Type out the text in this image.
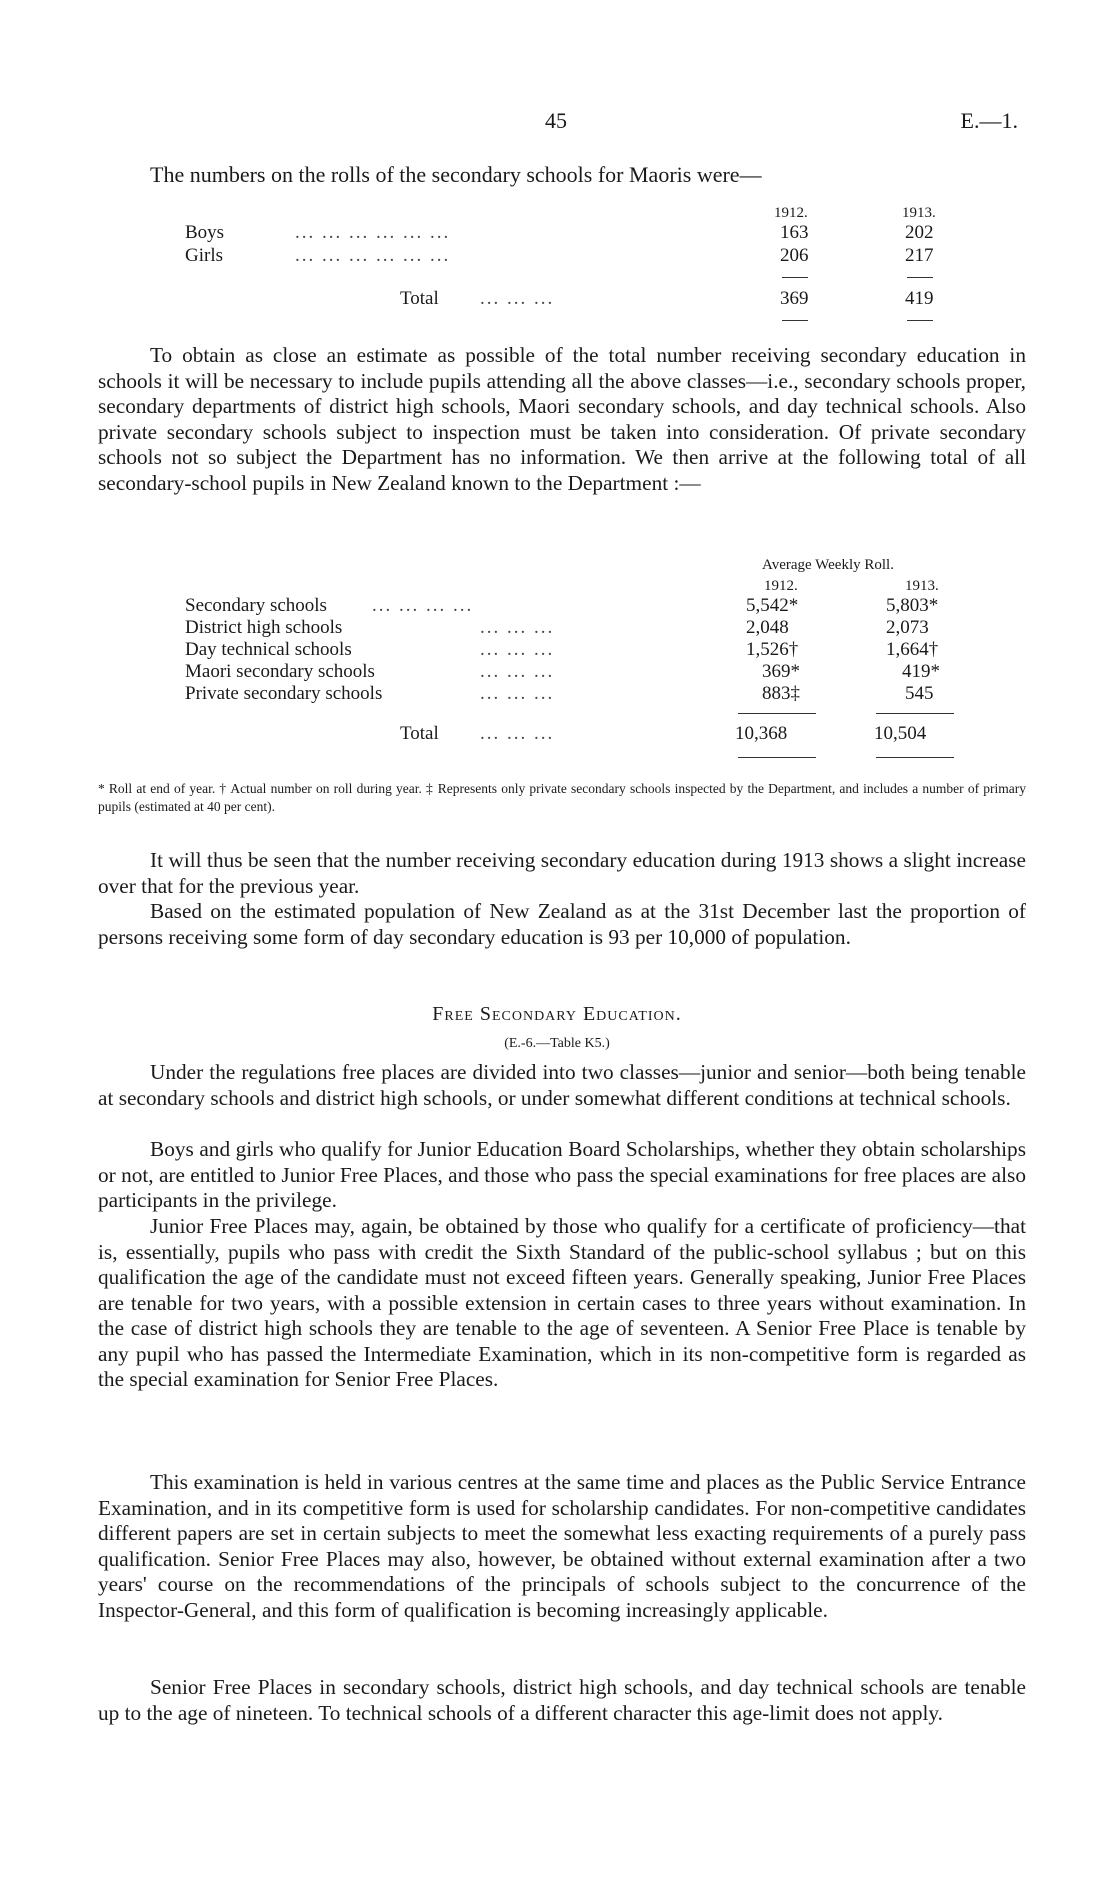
45	E.—1.
The numbers on the rolls of the secondary schools for Maoris were—
1912.	1913.
Boys	... ... ... ... ... ...	163	202
Girls	... ... ... ... ... ...	206	217
Total ... ... ...	369	419

To obtain as close an estimate as possible of the total number receiving secondary education in schools it will be necessary to include pupils attending all the above classes—i.e., secondary schools proper, secondary departments of district high schools, Maori secondary schools, and day technical schools. Also private secondary schools subject to inspection must be taken into consideration. Of private secondary schools not so subject the Department has no information. We then arrive at the following total of all secondary-school pupils in New Zealand known to the Department :—

Average Weekly Roll.
1912.	1913.
Secondary schools ... ... ... ...	5,542*	5,803*
District high schools	... ... ...	2,048	2,073
Day technical schools	... ... ...	1,526†	1,664†
Maori secondary schools	... ... ...	369*	419*
Private secondary schools	... ... ...	883‡	545
Total ... ... ...	10,368	10,504

* Roll at end of year. † Actual number on roll during year. ‡ Represents only private secondary schools inspected by the Department, and includes a number of primary pupils (estimated at 40 per cent).

It will thus be seen that the number receiving secondary education during 1913 shows a slight increase over that for the previous year.

Based on the estimated population of New Zealand as at the 31st December last the proportion of persons receiving some form of day secondary education is 93 per 10,000 of population.

Free Secondary Education.
(E.-6.—Table K5.)

Under the regulations free places are divided into two classes—junior and senior—both being tenable at secondary schools and district high schools, or under somewhat different conditions at technical schools.

Boys and girls who qualify for Junior Education Board Scholarships, whether they obtain scholarships or not, are entitled to Junior Free Places, and those who pass the special examinations for free places are also participants in the privilege.

Junior Free Places may, again, be obtained by those who qualify for a certificate of proficiency—that is, essentially, pupils who pass with credit the Sixth Standard of the public-school syllabus ; but on this qualification the age of the candidate must not exceed fifteen years. Generally speaking, Junior Free Places are tenable for two years, with a possible extension in certain cases to three years without examination. In the case of district high schools they are tenable to the age of seventeen. A Senior Free Place is tenable by any pupil who has passed the Intermediate Examination, which in its non-competitive form is regarded as the special examination for Senior Free Places.

This examination is held in various centres at the same time and places as the Public Service Entrance Examination, and in its competitive form is used for scholarship candidates. For non-competitive candidates different papers are set in certain subjects to meet the somewhat less exacting requirements of a purely pass qualification. Senior Free Places may also, however, be obtained without external examination after a two years' course on the recommendations of the principals of schools subject to the concurrence of the Inspector-General, and this form of qualification is becoming increasingly applicable.

Senior Free Places in secondary schools, district high schools, and day technical schools are tenable up to the age of nineteen. To technical schools of a different character this age-limit does not apply.
